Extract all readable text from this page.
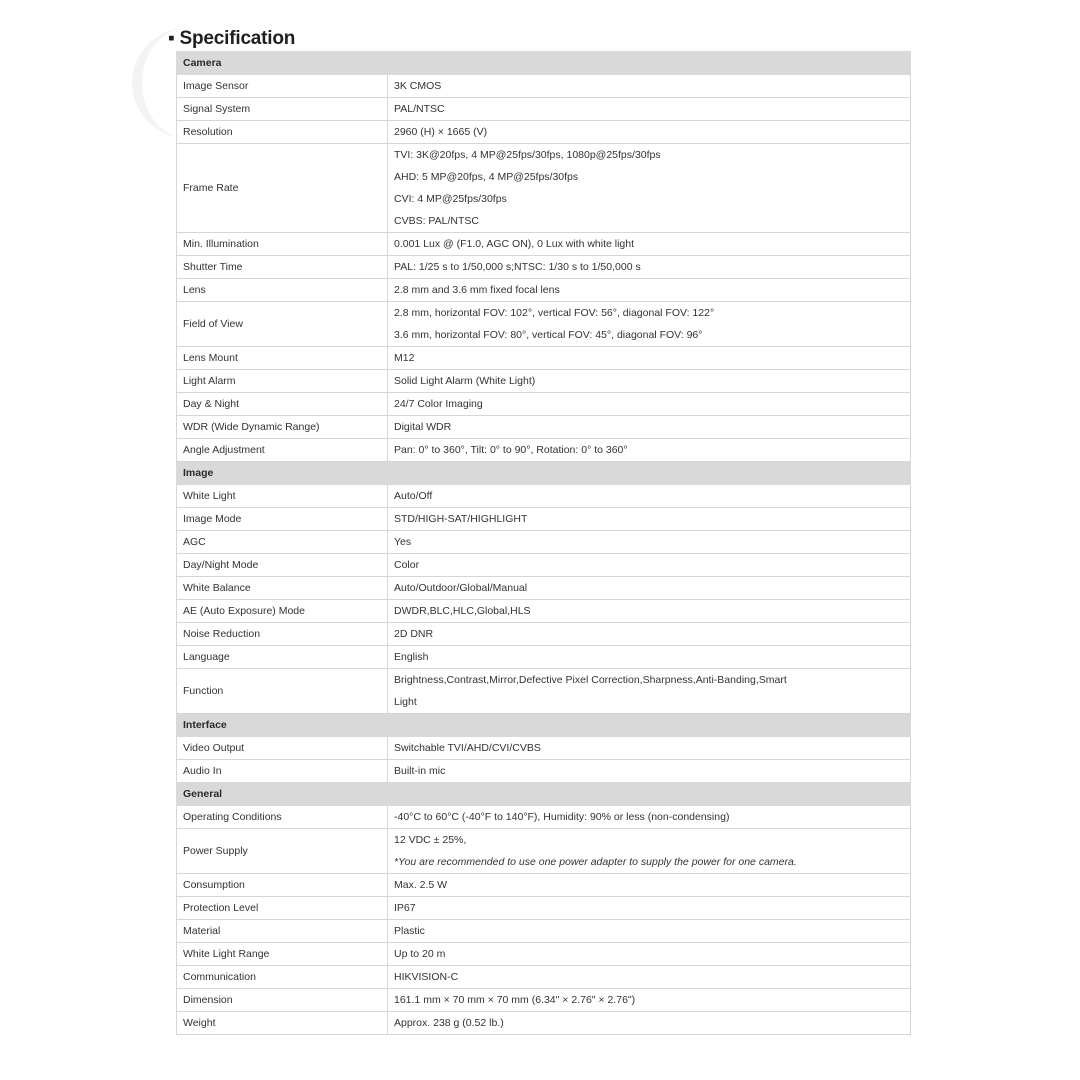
▪ Specification
Camera	
Image Sensor	3K CMOS

Signal System	PAL/NTSC

Resolution	2960 (H) × 1665 (V)

Frame Rate	TVI: 3K@20fps, 4 MP@25fps/30fps, 1080p@25fps/30fps
AHD: 5 MP@20fps, 4 MP@25fps/30fps
CVI: 4 MP@25fps/30fps
CVBS: PAL/NTSC

Min. Illumination	0.001 Lux @ (F1.0, AGC ON), 0 Lux with white light

Shutter Time	PAL: 1/25 s to 1/50,000 s;NTSC: 1/30 s to 1/50,000 s

Lens	2.8 mm and 3.6 mm fixed focal lens

Field of View	2.8 mm, horizontal FOV: 102°, vertical FOV: 56°, diagonal FOV: 122°
3.6 mm, horizontal FOV: 80°, vertical FOV: 45°, diagonal FOV: 96°

Lens Mount	M12

Light Alarm	Solid Light Alarm (White Light)

Day & Night	24/7 Color Imaging

WDR (Wide Dynamic Range)	Digital WDR

Angle Adjustment	Pan: 0° to 360°, Tilt: 0° to 90°, Rotation: 0° to 360°

Image	
White Light	Auto/Off

Image Mode	STD/HIGH-SAT/HIGHLIGHT

AGC	Yes

Day/Night Mode	Color

White Balance	Auto/Outdoor/Global/Manual

AE (Auto Exposure) Mode	DWDR,BLC,HLC,Global,HLS

Noise Reduction	2D DNR

Language	English

Function	Brightness,Contrast,Mirror,Defective Pixel Correction,Sharpness,Anti-Banding,Smart
Light

Interface	
Video Output	Switchable TVI/AHD/CVI/CVBS

Audio In	Built-in mic

General	
Operating Conditions	-40°C to 60°C (-40°F to 140°F), Humidity: 90% or less (non-condensing)

Power Supply	12 VDC ± 25%,
*You are recommended to use one power adapter to supply the power for one camera.

Consumption	Max. 2.5 W

Protection Level	IP67

Material	Plastic

White Light Range	Up to 20 m

Communication	HIKVISION-C

Dimension	161.1 mm × 70 mm × 70 mm (6.34" × 2.76" × 2.76")

Weight	Approx. 238 g (0.52 lb.)
